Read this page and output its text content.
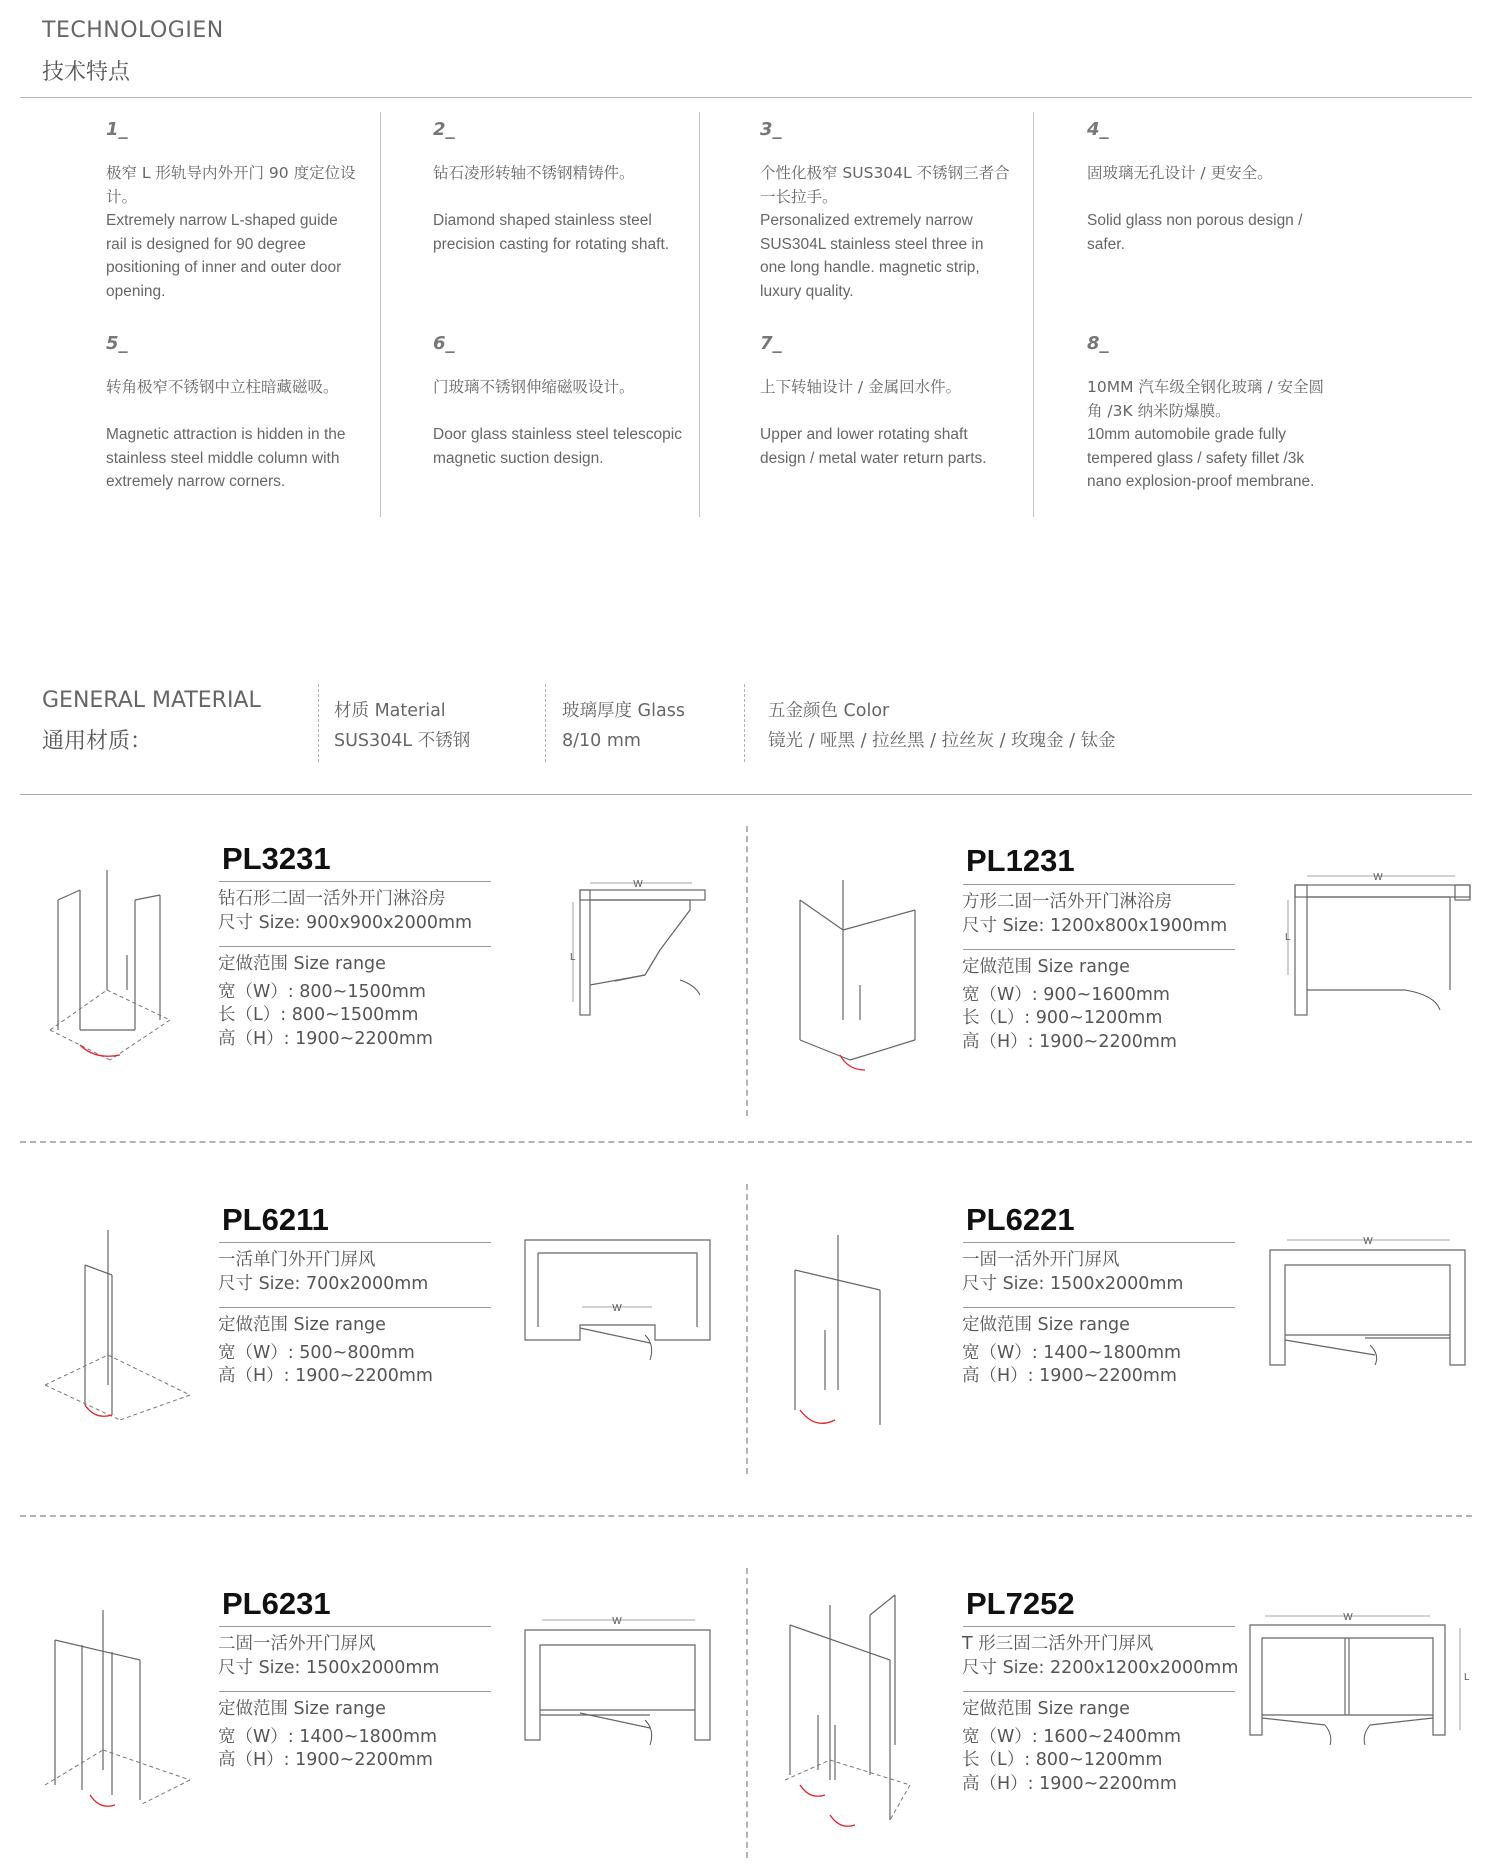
TECHNOLOGIEN
技术特点
1_
极窄 L 形轨导内外开门 90 度定位设计。
Extremely narrow L-shaped guide rail is designed for 90 degree positioning of inner and outer door opening.
2_
钻石凌形转轴不锈钢精铸件。
Diamond shaped stainless steel precision casting for rotating shaft.
3_
个性化极窄 SUS304L 不锈钢三者合一长拉手。
Personalized extremely narrow SUS304L stainless steel three in one long handle. magnetic strip, luxury quality.
4_
固玻璃无孔设计 / 更安全。
Solid glass non porous design / safer.
5_
转角极窄不锈钢中立柱暗藏磁吸。
Magnetic attraction is hidden in the stainless steel middle column with extremely narrow corners.
6_
门玻璃不锈钢伸缩磁吸设计。
Door glass stainless steel telescopic magnetic suction design.
7_
上下转轴设计 / 金属回水件。
Upper and lower rotating shaft design / metal water return parts.
8_
10MM 汽车级全钢化玻璃 / 安全圆角 /3K 纳米防爆膜。
10mm automobile grade fully tempered glass / safety fillet /3k nano explosion-proof membrane.
GENERAL MATERIAL
通用材质：
材质 Material
SUS304L 不锈钢
玻璃厚度 Glass
8/10 mm
五金颜色 Color
镜光 / 哑黑 / 拉丝黑 / 拉丝灰 / 玫瑰金 / 钛金
PL3231
钻石形二固一活外开门淋浴房
尺寸 Size: 900x900x2000mm
定做范围 Size range
宽（W）: 800~1500mm
长（L）: 800~1500mm
高（H）: 1900~2200mm
PL1231
方形二固一活外开门淋浴房
尺寸 Size: 1200x800x1900mm
定做范围 Size range
宽（W）: 900~1600mm
长（L）: 900~1200mm
高（H）: 1900~2200mm
PL6211
一活单门外开门屏风
尺寸 Size: 700x2000mm
定做范围 Size range
宽（W）: 500~800mm
高（H）: 1900~2200mm
PL6221
一固一活外开门屏风
尺寸 Size: 1500x2000mm
定做范围 Size range
宽（W）: 1400~1800mm
高（H）: 1900~2200mm
PL6231
二固一活外开门屏风
尺寸 Size: 1500x2000mm
定做范围 Size range
宽（W）: 1400~1800mm
高（H）: 1900~2200mm
PL7252
T 形三固二活外开门屏风
尺寸 Size: 2200x1200x2000mm
定做范围 Size range
宽（W）: 1600~2400mm
长（L）: 800~1200mm
高（H）: 1900~2200mm
W
L
W
L
W
W
W	W
L
